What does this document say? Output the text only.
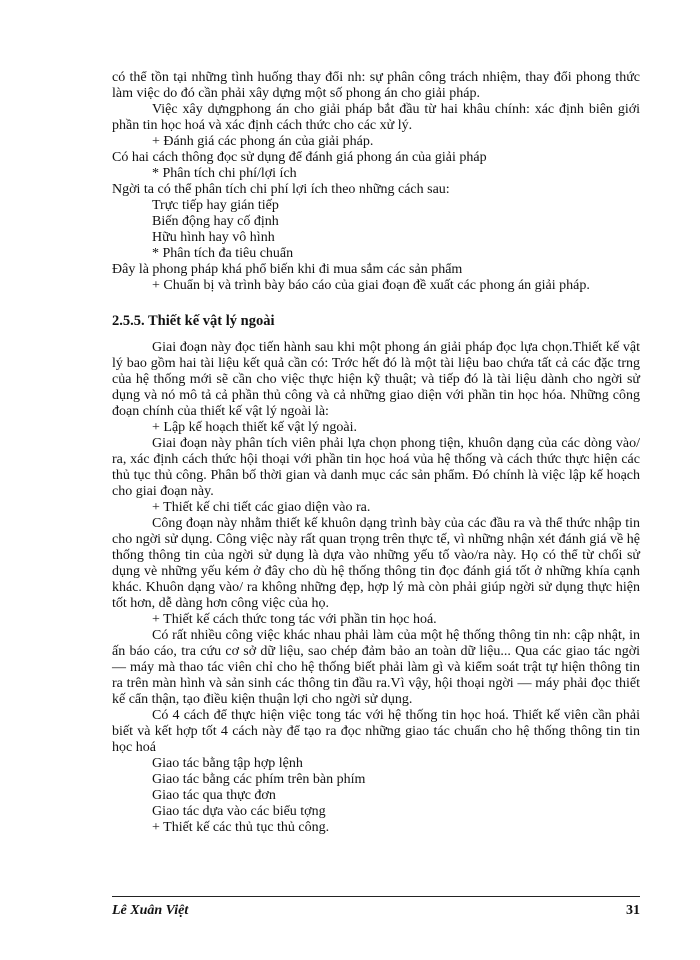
có thể tồn tại những tình huống thay đổi nh: sự phân công trách nhiệm, thay đổi phong thức làm việc do đó cần phải xây dựng một số phong án cho giải pháp.

Việc xây dựngphong án cho giải pháp bắt đầu từ hai khâu chính: xác định biên giới phần tin học hoá và xác định cách thức cho các xử lý.

+ Đánh giá các phong án của giải pháp.

Có hai cách thông đọc sử dụng để đánh giá phong án của giải pháp

* Phân tích chi phí/lợi ích

Ngời ta có thể phân tích chi phí lợi ích theo những cách sau:

Trực tiếp hay gián tiếp

Biến động hay cố định

Hữu hình hay vô hình

* Phân tích đa tiêu chuẩn

Đây là phong pháp khá phổ biến khi đi mua sắm các sản phẩm

+ Chuẩn bị và trình bày báo cáo của giai đoạn đề xuất các phong án giải pháp.

2.5.5. Thiết kế vật lý ngoài

Giai đoạn này đọc tiến hành sau khi một phong án giải pháp đọc lựa chọn.Thiết kế vật lý bao gồm hai tài liệu kết quả cần có: Trớc hết đó là một tài liệu bao chứa tất cả các đặc trng của hệ thống mới sẽ cần cho việc thực hiện kỹ thuật; và tiếp đó là tài liệu dành cho ngời sử dụng và nó mô tả cả phần thủ công và cả những giao diện với phần tin học hóa. Những công đoạn chính của thiết kế vật lý ngoài là:

+ Lập kế hoạch thiết kế vật lý ngoài.

Giai đoạn này phân tích viên phải lựa chọn phong tiện, khuôn dạng của các dòng vào/ ra, xác định cách thức hội thoại với phần tin học hoá vủa hệ thống và cách thức thực hiện các thủ tục thủ công. Phân bố thời gian và danh mục các sản phẩm. Đó chính là việc lập kế hoạch cho giai đoạn này.

+ Thiết kế chi tiết các giao diện vào ra.

Công đoạn này nhằm thiết kế khuôn dạng trình bày của các đầu ra và thể thức nhập tin cho ngời sử dụng. Công việc này rất quan trọng trên thực tế, vì những nhận xét đánh giá về hệ thống thông tin của ngời sử dụng là dựa vào những yếu tố vào/ra này. Họ có thể từ chối sử dụng vè những yếu kém ở đây cho dù hệ thống thông tin đọc đánh giá tốt ở những khía cạnh khác. Khuôn dạng vào/ ra không những đẹp, hợp lý mà còn phải giúp ngời sử dụng thực hiện tốt hơn, dễ dàng hơn công việc của họ.

+ Thiết kế cách thức tong tác với phần tin học hoá.

Có rất nhiều công việc khác nhau phải làm của một hệ thống thông tin nh: cập nhật, in ấn báo cáo, tra cứu cơ sở dữ liệu, sao chép đảm bảo an toàn dữ liệu... Qua các giao tác ngời — máy mà thao tác viên chỉ cho hệ thống biết phải làm gì và kiểm soát trật tự hiện thông tin ra trên màn hình và sản sinh các thông tin đầu ra.Vì vậy, hội thoại ngời — máy phải đọc thiết kế cẩn thận, tạo điều kiện thuận lợi cho ngời sử dụng.

Có 4 cách để thực hiện việc tong tác với hệ thống tin học hoá. Thiết kế viên cần phải biết và kết hợp tốt 4 cách này để tạo ra đọc những giao tác chuẩn cho hệ thống thông tin tin học hoá

Giao tác bằng tập hợp lệnh

Giao tác bằng các phím trên bàn phím

Giao tác qua thực đơn

Giao tác dựa vào các biểu tợng

+ Thiết kế các thủ tục thủ công.

Lê Xuân Việt	31
